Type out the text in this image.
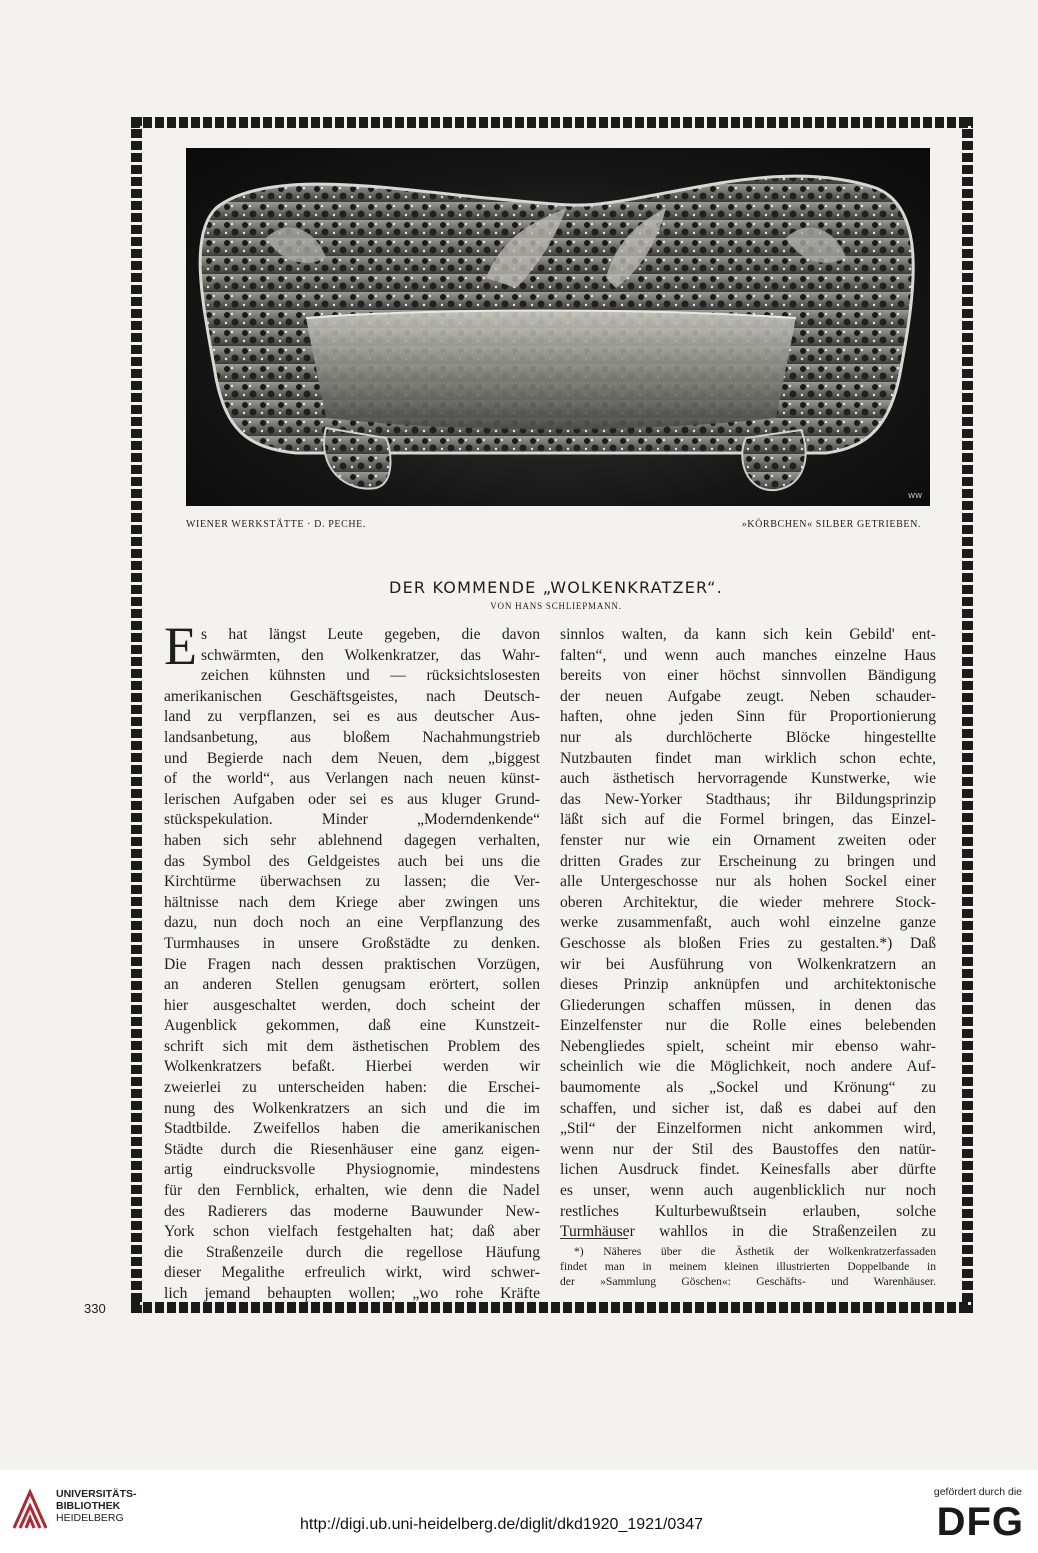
WW
WIENER WERKSTÄTTE · D. PECHE.	»KÖRBCHEN« SILBER GETRIEBEN.
DER KOMMENDE „WOLKENKRATZER“.
VON HANS SCHLIEPMANN.
E s hat längst Leute gegeben, die davon
schwärmten, den Wolkenkratzer, das Wahr-
zeichen kühnsten und — rücksichtslosesten
amerikanischen Geschäftsgeistes, nach Deutsch-
land zu verpflanzen, sei es aus deutscher Aus-
landsanbetung, aus bloßem Nachahmungstrieb
und Begierde nach dem Neuen, dem „biggest
of the world“, aus Verlangen nach neuen künst-
lerischen Aufgaben oder sei es aus kluger Grund-
stückspekulation. Minder „Moderndenkende“
haben sich sehr ablehnend dagegen verhalten,
das Symbol des Geldgeistes auch bei uns die
Kirchtürme überwachsen zu lassen; die Ver-
hältnisse nach dem Kriege aber zwingen uns
dazu, nun doch noch an eine Verpflanzung des
Turmhauses in unsere Großstädte zu denken.
Die Fragen nach dessen praktischen Vorzügen,
an anderen Stellen genugsam erörtert, sollen
hier ausgeschaltet werden, doch scheint der
Augenblick gekommen, daß eine Kunstzeit-
schrift sich mit dem ästhetischen Problem des
Wolkenkratzers befaßt. Hierbei werden wir
zweierlei zu unterscheiden haben: die Erschei-
nung des Wolkenkratzers an sich und die im
Stadtbilde. Zweifellos haben die amerikanischen
Städte durch die Riesenhäuser eine ganz eigen-
artig eindrucksvolle Physiognomie, mindestens
für den Fernblick, erhalten, wie denn die Nadel
des Radierers das moderne Bauwunder New-
York schon vielfach festgehalten hat; daß aber
die Straßenzeile durch die regellose Häufung
dieser Megalithe erfreulich wirkt, wird schwer-
lich jemand behaupten wollen; „wo rohe Kräfte
sinnlos walten, da kann sich kein Gebild' ent-
falten“, und wenn auch manches einzelne Haus
bereits von einer höchst sinnvollen Bändigung
der neuen Aufgabe zeugt. Neben schauder-
haften, ohne jeden Sinn für Proportionierung
nur als durchlöcherte Blöcke hingestellte
Nutzbauten findet man wirklich schon echte,
auch ästhetisch hervorragende Kunstwerke, wie
das New-Yorker Stadthaus; ihr Bildungsprinzip
läßt sich auf die Formel bringen, das Einzel-
fenster nur wie ein Ornament zweiten oder
dritten Grades zur Erscheinung zu bringen und
alle Untergeschosse nur als hohen Sockel einer
oberen Architektur, die wieder mehrere Stock-
werke zusammenfaßt, auch wohl einzelne ganze
Geschosse als bloßen Fries zu gestalten.*) Daß
wir bei Ausführung von Wolkenkratzern an
dieses Prinzip anknüpfen und architektonische
Gliederungen schaffen müssen, in denen das
Einzelfenster nur die Rolle eines belebenden
Nebengliedes spielt, scheint mir ebenso wahr-
scheinlich wie die Möglichkeit, noch andere Auf-
baumomente als „Sockel und Krönung“ zu
schaffen, und sicher ist, daß es dabei auf den
„Stil“ der Einzelformen nicht ankommen wird,
wenn nur der Stil des Baustoffes den natür-
lichen Ausdruck findet. Keinesfalls aber dürfte
es unser, wenn auch augenblicklich nur noch
restliches Kulturbewußtsein erlauben, solche
Turmhäuser wahllos in die Straßenzeilen zu
*) Näheres über die Ästhetik der Wolkenkratzerfassaden
findet man in meinem kleinen illustrierten Doppelbande in
der »Sammlung Göschen«: Geschäfts- und Warenhäuser.
330
UNIVERSITÄTS-
BIBLIOTHEK
HEIDELBERG	http://digi.ub.uni-heidelberg.de/diglit/dkd1920_1921/0347
gefördert durch die
DFG
